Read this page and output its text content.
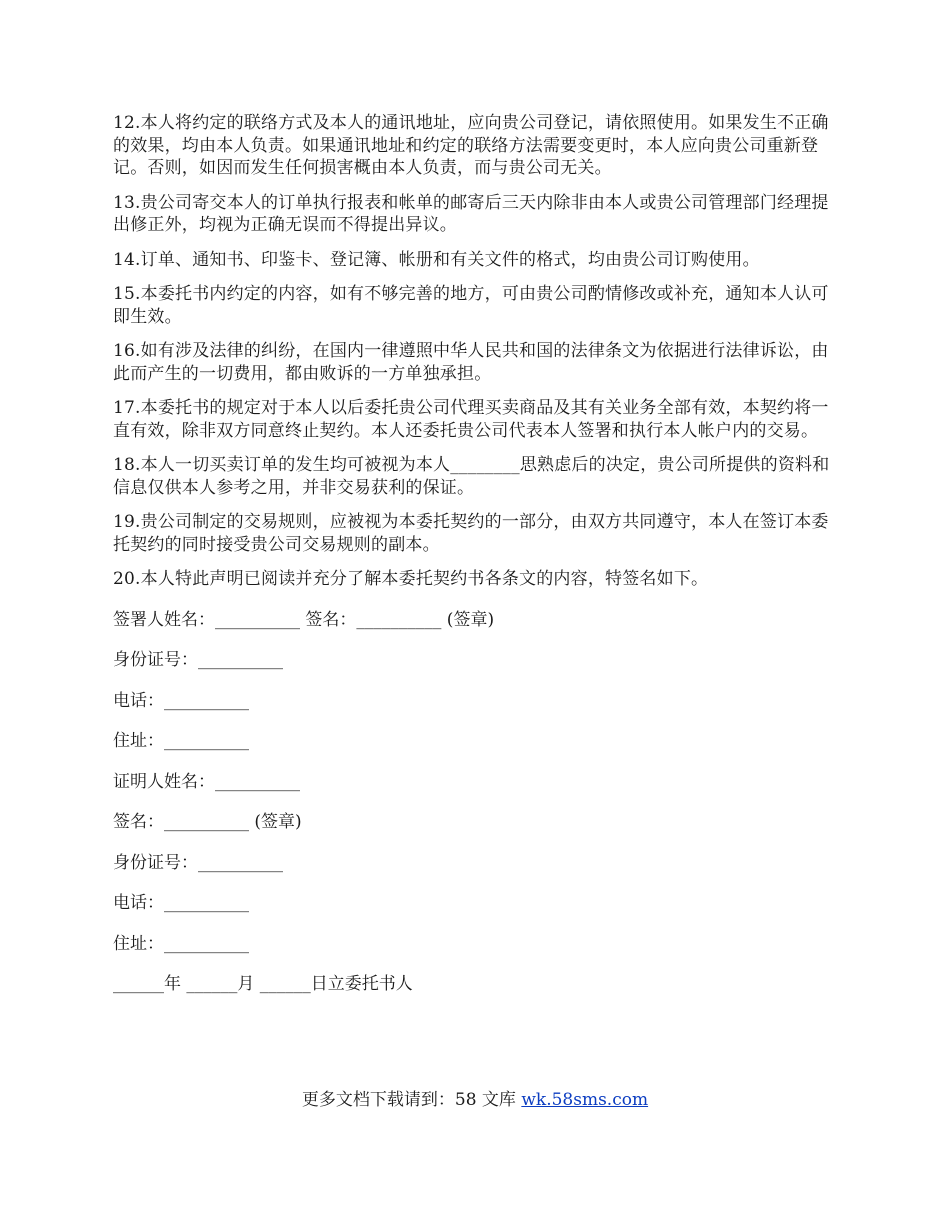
12.本人将约定的联络方式及本人的通讯地址，应向贵公司登记，请依照使用。如果发生不正确的效果，均由本人负责。如果通讯地址和约定的联络方法需要变更时，本人应向贵公司重新登记。否则，如因而发生任何损害概由本人负责，而与贵公司无关。

13.贵公司寄交本人的订单执行报表和帐单的邮寄后三天内除非由本人或贵公司管理部门经理提出修正外，均视为正确无误而不得提出异议。

14.订单、通知书、印鉴卡、登记簿、帐册和有关文件的格式，均由贵公司订购使用。

15.本委托书内约定的内容，如有不够完善的地方，可由贵公司酌情修改或补充，通知本人认可即生效。

16.如有涉及法律的纠纷，在国内一律遵照中华人民共和国的法律条文为依据进行法律诉讼，由此而产生的一切费用，都由败诉的一方单独承担。

17.本委托书的规定对于本人以后委托贵公司代理买卖商品及其有关业务全部有效，本契约将一直有效，除非双方同意终止契约。本人还委托贵公司代表本人签署和执行本人帐户内的交易。

18.本人一切买卖订单的发生均可被视为本人________思熟虑后的决定，贵公司所提供的资料和信息仅供本人参考之用，并非交易获利的保证。

19.贵公司制定的交易规则，应被视为本委托契约的一部分，由双方共同遵守，本人在签订本委托契约的同时接受贵公司交易规则的副本。

20.本人特此声明已阅读并充分了解本委托契约书各条文的内容，特签名如下。

签署人姓名：__________ 签名：__________ (签章)

身份证号：__________

电话：__________

住址：__________

证明人姓名：__________

签名：__________ (签章)

身份证号：__________

电话：__________

住址：__________

______年 ______月 ______日立委托书人

更多文档下载请到：58 文库 wk.58sms.com
